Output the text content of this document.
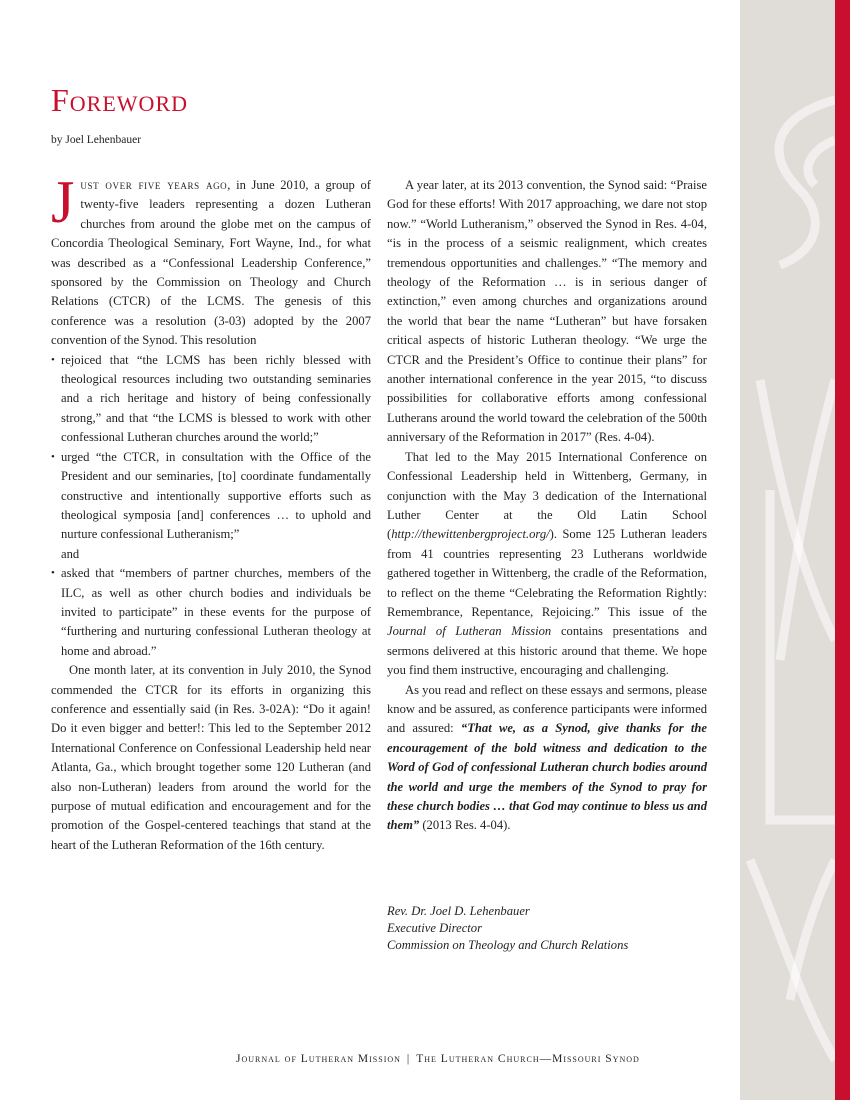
Foreword
by Joel Lehenbauer

Just over five years ago, in June 2010, a group of twenty-five leaders representing a dozen Lutheran churches from around the globe met on the campus of Concordia Theological Seminary, Fort Wayne, Ind., for what was described as a “Confessional Leadership Conference,” sponsored by the Commission on Theology and Church Relations (CTCR) of the LCMS. The genesis of this conference was a resolution (3-03) adopted by the 2007 convention of the Synod. This resolution

• rejoiced that “the LCMS has been richly blessed with theological resources including two outstanding seminaries and a rich heritage and history of being confessionally strong,” and that “the LCMS is blessed to work with other confessional Lutheran churches around the world;”
• urged “the CTCR, in consultation with the Office of the President and our seminaries, [to] coordinate fundamentally constructive and intentionally supportive efforts such as theological symposia [and] conferences … to uphold and nurture confessional Lutheranism;”
and
• asked that “members of partner churches, members of the ILC, as well as other church bodies and individuals be invited to participate” in these events for the purpose of “furthering and nurturing confessional Lutheran theology at home and abroad.”

One month later, at its convention in July 2010, the Synod commended the CTCR for its efforts in organizing this conference and essentially said (in Res. 3-02A): “Do it again! Do it even bigger and better!: This led to the September 2012 International Conference on Confessional Leadership held near Atlanta, Ga., which brought together some 120 Lutheran (and also non-Lutheran) leaders from around the world for the purpose of mutual edification and encouragement and for the promotion of the Gospel-centered teachings that stand at the heart of the Lutheran Reformation of the 16th century.

A year later, at its 2013 convention, the Synod said: “Praise God for these efforts! With 2017 approaching, we dare not stop now.” “World Lutheranism,” observed the Synod in Res. 4-04, “is in the process of a seismic realignment, which creates tremendous opportunities and challenges.” “The memory and theology of the Reformation … is in serious danger of extinction,” even among churches and organizations around the world that bear the name “Lutheran” but have forsaken critical aspects of historic Lutheran theology. “We urge the CTCR and the President’s Office to continue their plans” for another international conference in the year 2015, “to discuss possibilities for collaborative efforts among confessional Lutherans around the world toward the celebration of the 500th anniversary of the Reformation in 2017” (Res. 4-04).

That led to the May 2015 International Conference on Confessional Leadership held in Wittenberg, Germany, in conjunction with the May 3 dedication of the International Luther Center at the Old Latin School (http://thewittenbergproject.org/). Some 125 Lutheran leaders from 41 countries representing 23 Lutherans worldwide gathered together in Wittenberg, the cradle of the Reformation, to reflect on the theme “Celebrating the Reformation Rightly: Remembrance, Repentance, Rejoicing.” This issue of the Journal of Lutheran Mission contains presentations and sermons delivered at this historic around that theme. We hope you find them instructive, encouraging and challenging.

As you read and reflect on these essays and sermons, please know and be assured, as conference participants were informed and assured: “That we, as a Synod, give thanks for the encouragement of the bold witness and dedication to the Word of God of confessional Lutheran church bodies around the world and urge the members of the Synod to pray for these church bodies … that God may continue to bless us and them” (2013 Res. 4-04).

Rev. Dr. Joel D. Lehenbauer
Executive Director
Commission on Theology and Church Relations
Journal of Lutheran Mission | The Lutheran Church—Missouri Synod
